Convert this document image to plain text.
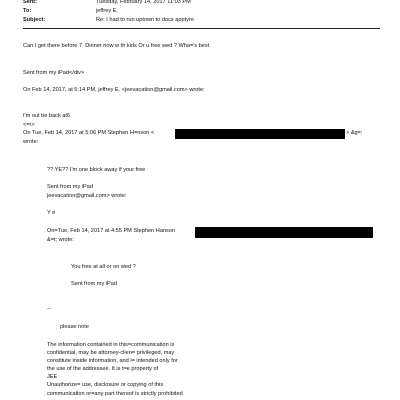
Sent:	Tuesday, February 14, 2017 11:03 PM
To:	jeffrey E.
Subject:	Re: I had to run uptown to docs apptyre
Can I get there before 7. Dinner now w th kids Or u free wed ? Wha='s best
Sent from my iPad</div>
On Feb 14, 2017, at 5:14 PM, jeffrey E. <jeevacation@gmail.com> wrote:
I'm out be back at6
<=r>
On Tue, Feb 14, 2017 at 5:06 PM Stephen H=nson <	> &g=;
wrote:
?? YE?? I'm one block away if your free
Sent from my iPad
jeevacation@gmail.com> wrote:
Y e
On=Tue, Feb 14, 2017 at 4:55 PM Stephen Hanson
&=t; wrote:
You free at all or on wed ?
Sent from my iPad
--
please note
The information contained in this=communication is
confidential, may be attorney-clien= privileged, may
constitute inside information, and i= intended only for
the use of the addressee. It is t=e property of
JEE
Unauthorize= use, disclosure or copying of this
communication or=any part thereof is strictly prohibited
